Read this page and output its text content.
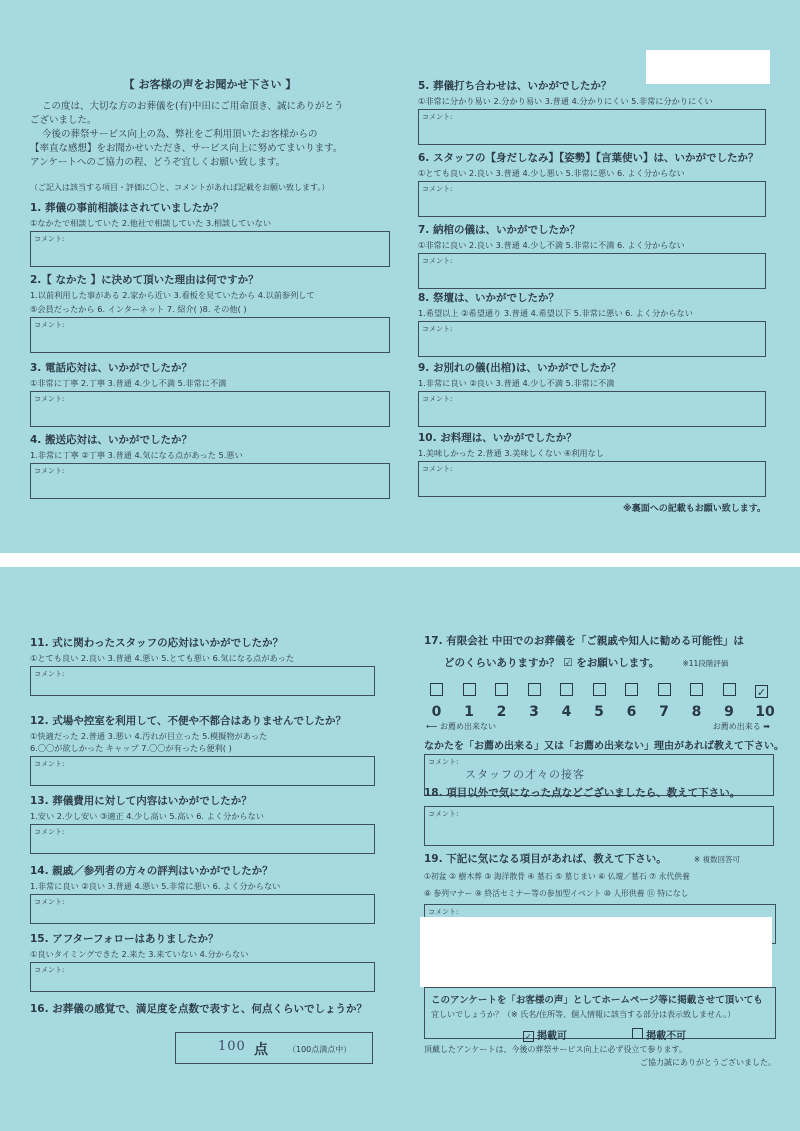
【 お客様の声をお聞かせ下さい 】
この度は、大切な方のお葬儀を(有)中田にご用命頂き、誠にありがとう
ございました。
今後の葬祭サービス向上の為、弊社をご利用頂いたお客様からの
【率直な感想】をお聞かせいただき、サービス向上に努めてまいります。
アンケートへのご協力の程、どうぞ宜しくお願い致します。
（ご記入は該当する項目・評価に〇と、コメントがあれば記載をお願い致します。）
1. 葬儀の事前相談はされていましたか？
①なかたで相談していた 2.他社で相談していた 3.相談していない
コメント:
2.【 なかた 】に決めて頂いた理由は何ですか？
1.以前利用した事がある 2.家から近い 3.看板を見ていたから 4.以前参列して
⑤会員だったから 6. インターネット 7. 紹介( )8. その他( )
コメント:
3. 電話応対は、いかがでしたか？
①非常に丁寧 2.丁寧 3.普通 4.少し不満 5.非常に不満
コメント:
4. 搬送応対は、いかがでしたか？
1.非常に丁寧 ②丁寧 3.普通 4.気になる点があった 5.悪い
コメント:
5. 葬儀打ち合わせは、いかがでしたか？
①非常に分かり易い 2.分かり易い 3.普通 4.分かりにくい 5.非常に分かりにくい
コメント:
6. スタッフの【身だしなみ】【姿勢】【言葉使い】は、いかがでしたか？
①とても良い 2.良い 3.普通 4.少し悪い 5.非常に悪い 6. よく分からない
コメント:
7. 納棺の儀は、いかがでしたか？
①非常に良い 2.良い 3.普通 4.少し不満 5.非常に不満 6. よく分からない
コメント:
8. 祭壇は、いかがでしたか？
1.希望以上 ②希望通り 3.普通 4.希望以下 5.非常に悪い 6. よく分からない
コメント:
9. お別れの儀(出棺)は、いかがでしたか？
1.非常に良い ②良い 3.普通 4.少し不満 5.非常に不満
コメント:
10. お料理は、いかがでしたか？
1.美味しかった 2.普通 3.美味しくない ④利用なし
コメント:
※裏面への記載もお願い致します。
11. 式に関わったスタッフの応対はいかがでしたか？
①とても良い 2.良い 3.普通 4.悪い 5.とても悪い 6.気になる点があった
コメント:
12. 式場や控室を利用して、不便や不都合はありませんでしたか？
①快適だった 2.普通 3.悪い 4.汚れが目立った 5.模擬物があった
6.〇〇が欲しかった キャップ 7.〇〇が有ったら便利( )
コメント:
13. 葬儀費用に対して内容はいかがでしたか？
1.安い 2.少し安い ③適正 4.少し高い 5.高い 6. よく分からない
コメント:
14. 親戚／参列者の方々の評判はいかがでしたか？
1.非常に良い ②良い 3.普通 4.悪い 5.非常に悪い 6. よく分からない
コメント:
15. アフターフォローはありましたか？
①良いタイミングできた 2.来た 3.来ていない 4.分からない
コメント:
16. お葬儀の感覚で、満足度を点数で表すと、何点くらいでしょうか？
100 点	（100点満点中）
17. 有限会社 中田でのお葬儀を「ご親戚や知人に勧める可能性」は
どのくらいありますか？ ☑ をお願いします。	※11段階評価
✓
0 1 2 3 4 5 6 7 8 9 10
⟵ お薦め出来ない	お薦め出来る ➡
なかたを「お薦め出来る」又は「お薦め出来ない」理由があれば教えて下さい。
コメント:
スタッフの才々の接客
18. 項目以外で気になった点などございましたら、教えて下さい。
コメント:
19. 下記に気になる項目があれば、教えて下さい。	※ 複数回答可
①初盆 ② 樹木葬 ③ 海洋散骨 ④ 墓石 ⑤ 墓じまい ⑥ 仏壇／墓石 ⑦ 永代供養
⑧ 参列マナー ⑨ 終活セミナー等の参加型イベント ⑩ 人形供養 ⑪ 特になし
コメント:
このアンケートを「お客様の声」としてホームページ等に掲載させて頂いても
宜しいでしょうか？（※ 氏名/住所等、個人情報に該当する部分は表示致しません。）
✓ 掲載可	掲載不可
頂戴したアンケートは、今後の葬祭サービス向上に必ず役立て参ります。
ご協力誠にありがとうございました。
